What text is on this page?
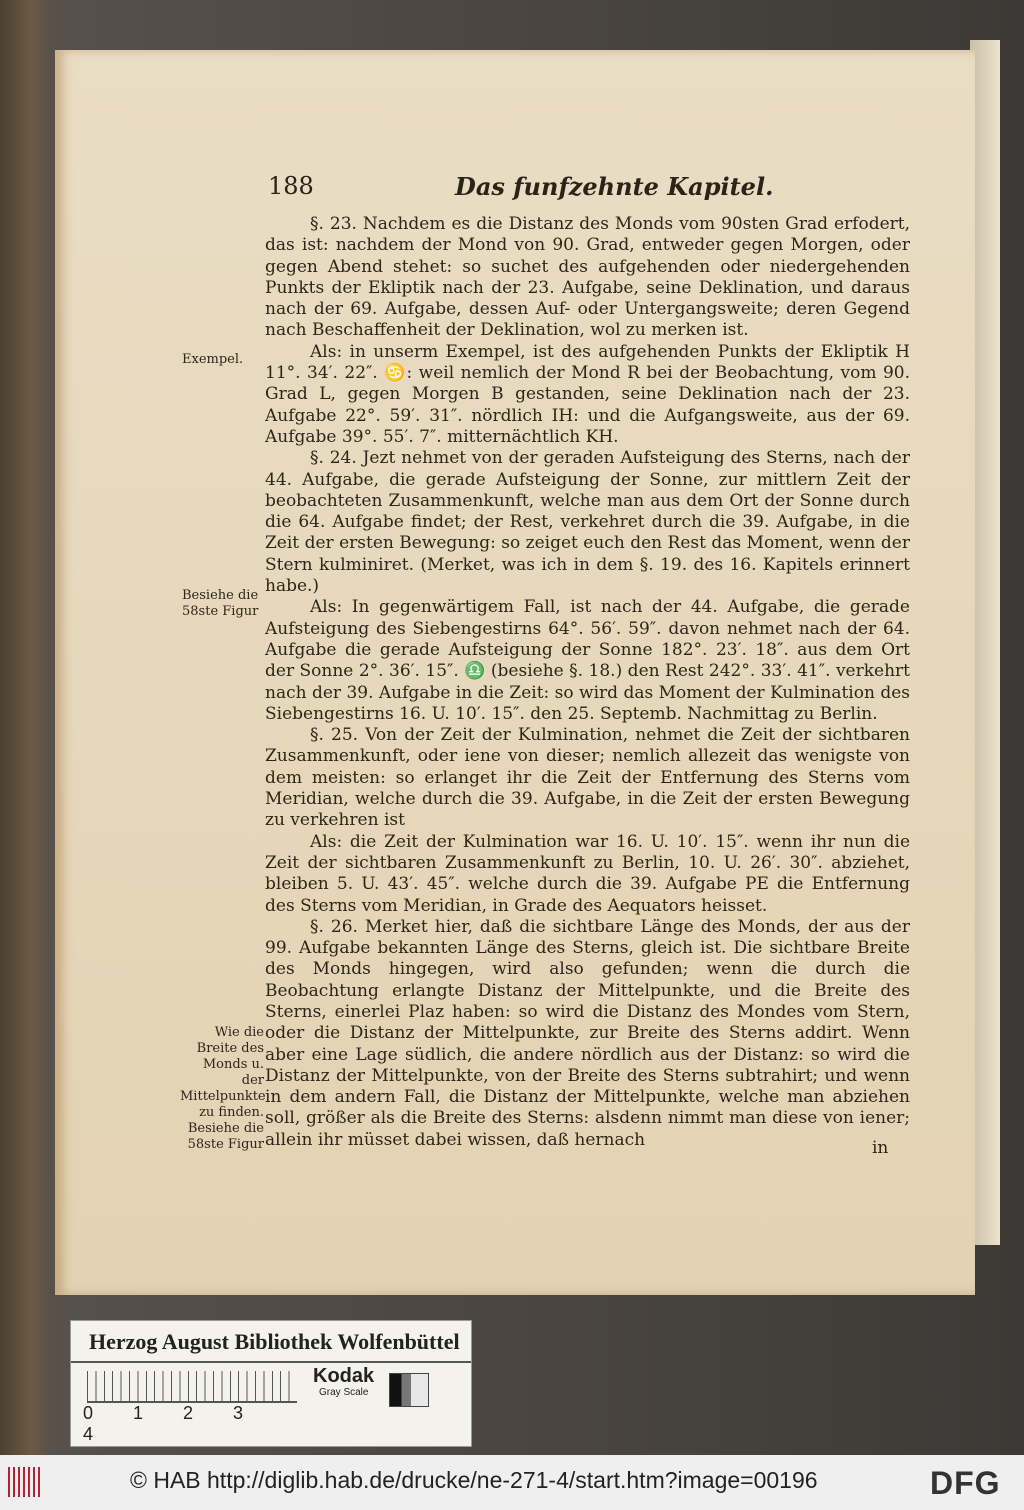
188	Das funfzehnte Kapitel.

§. 23. Nachdem es die Distanz des Monds vom 90sten Grad erfodert, das ist: nachdem der Mond von 90. Grad, entweder gegen Morgen, oder gegen Abend stehet: so suchet des aufgehenden oder niedergehenden Punkts der Ekliptik nach der 23. Aufgabe, seine Deklination, und daraus nach der 69. Aufgabe, dessen Auf- oder Untergangsweite; deren Gegend nach Beschaffenheit der Deklination, wol zu merken ist.

Als: in unserm Exempel, ist des aufgehenden Punkts der Ekliptik H 11°. 34′. 22″. ♋: weil nemlich der Mond R bei der Beobachtung, vom 90. Grad L, gegen Morgen B gestanden, seine Deklination nach der 23. Aufgabe 22°. 59′. 31″. nördlich IH: und die Aufgangsweite, aus der 69. Aufgabe 39°. 55′. 7″. mitternächtlich KH.

§. 24. Jezt nehmet von der geraden Aufsteigung des Sterns, nach der 44. Aufgabe, die gerade Aufsteigung der Sonne, zur mittlern Zeit der beobachteten Zusammenkunft, welche man aus dem Ort der Sonne durch die 64. Aufgabe findet; der Rest, verkehret durch die 39. Aufgabe, in die Zeit der ersten Bewegung: so zeiget euch den Rest das Moment, wenn der Stern kulminiret. (Merket, was ich in dem §. 19. des 16. Kapitels erinnert habe.)

Als: In gegenwärtigem Fall, ist nach der 44. Aufgabe, die gerade Aufsteigung des Siebengestirns 64°. 56′. 59″. davon nehmet nach der 64. Aufgabe die gerade Aufsteigung der Sonne 182°. 23′. 18″. aus dem Ort der Sonne 2°. 36′. 15″. ♎ (besiehe §. 18.) den Rest 242°. 33′. 41″. verkehrt nach der 39. Aufgabe in die Zeit: so wird das Moment der Kulmination des Siebengestirns 16. U. 10′. 15″. den 25. Septemb. Nachmittag zu Berlin.

§. 25. Von der Zeit der Kulmination, nehmet die Zeit der sichtbaren Zusammenkunft, oder iene von dieser; nemlich allezeit das wenigste von dem meisten: so erlanget ihr die Zeit der Entfernung des Sterns vom Meridian, welche durch die 39. Aufgabe, in die Zeit der ersten Bewegung zu verkehren ist

Als: die Zeit der Kulmination war 16. U. 10′. 15″. wenn ihr nun die Zeit der sichtbaren Zusammenkunft zu Berlin, 10. U. 26′. 30″. abziehet, bleiben 5. U. 43′. 45″. welche durch die 39. Aufgabe PE die Entfernung des Sterns vom Meridian, in Grade des Aequators heisset.

§. 26. Merket hier, daß die sichtbare Länge des Monds, der aus der 99. Aufgabe bekannten Länge des Sterns, gleich ist. Die sichtbare Breite des Monds hingegen, wird also gefunden; wenn die durch die Beobachtung erlangte Distanz der Mittelpunkte, und die Breite des Sterns, einerlei Plaz haben: so wird die Distanz des Mondes vom Stern, oder die Distanz der Mittelpunkte, zur Breite des Sterns addirt. Wenn aber eine Lage südlich, die andere nördlich aus der Distanz: so wird die Distanz der Mittelpunkte, von der Breite des Sterns subtrahirt; und wenn in dem andern Fall, die Distanz der Mittelpunkte, welche man abziehen soll, größer als die Breite des Sterns: alsdenn nimmt man diese von iener; allein ihr müsset dabei wissen, daß hernach	in
Exempel.
Besiehe die 58ste Figur
Wie die Breite des Monds u. der Mittelpunkte zu finden. Besiehe die 58ste Figur
Herzog August Bibliothek Wolfenbüttel
0 1 2 34
Kodak
Gray Scale
© HAB http://diglib.hab.de/drucke/ne-271-4/start.htm?image=00196	DFG
